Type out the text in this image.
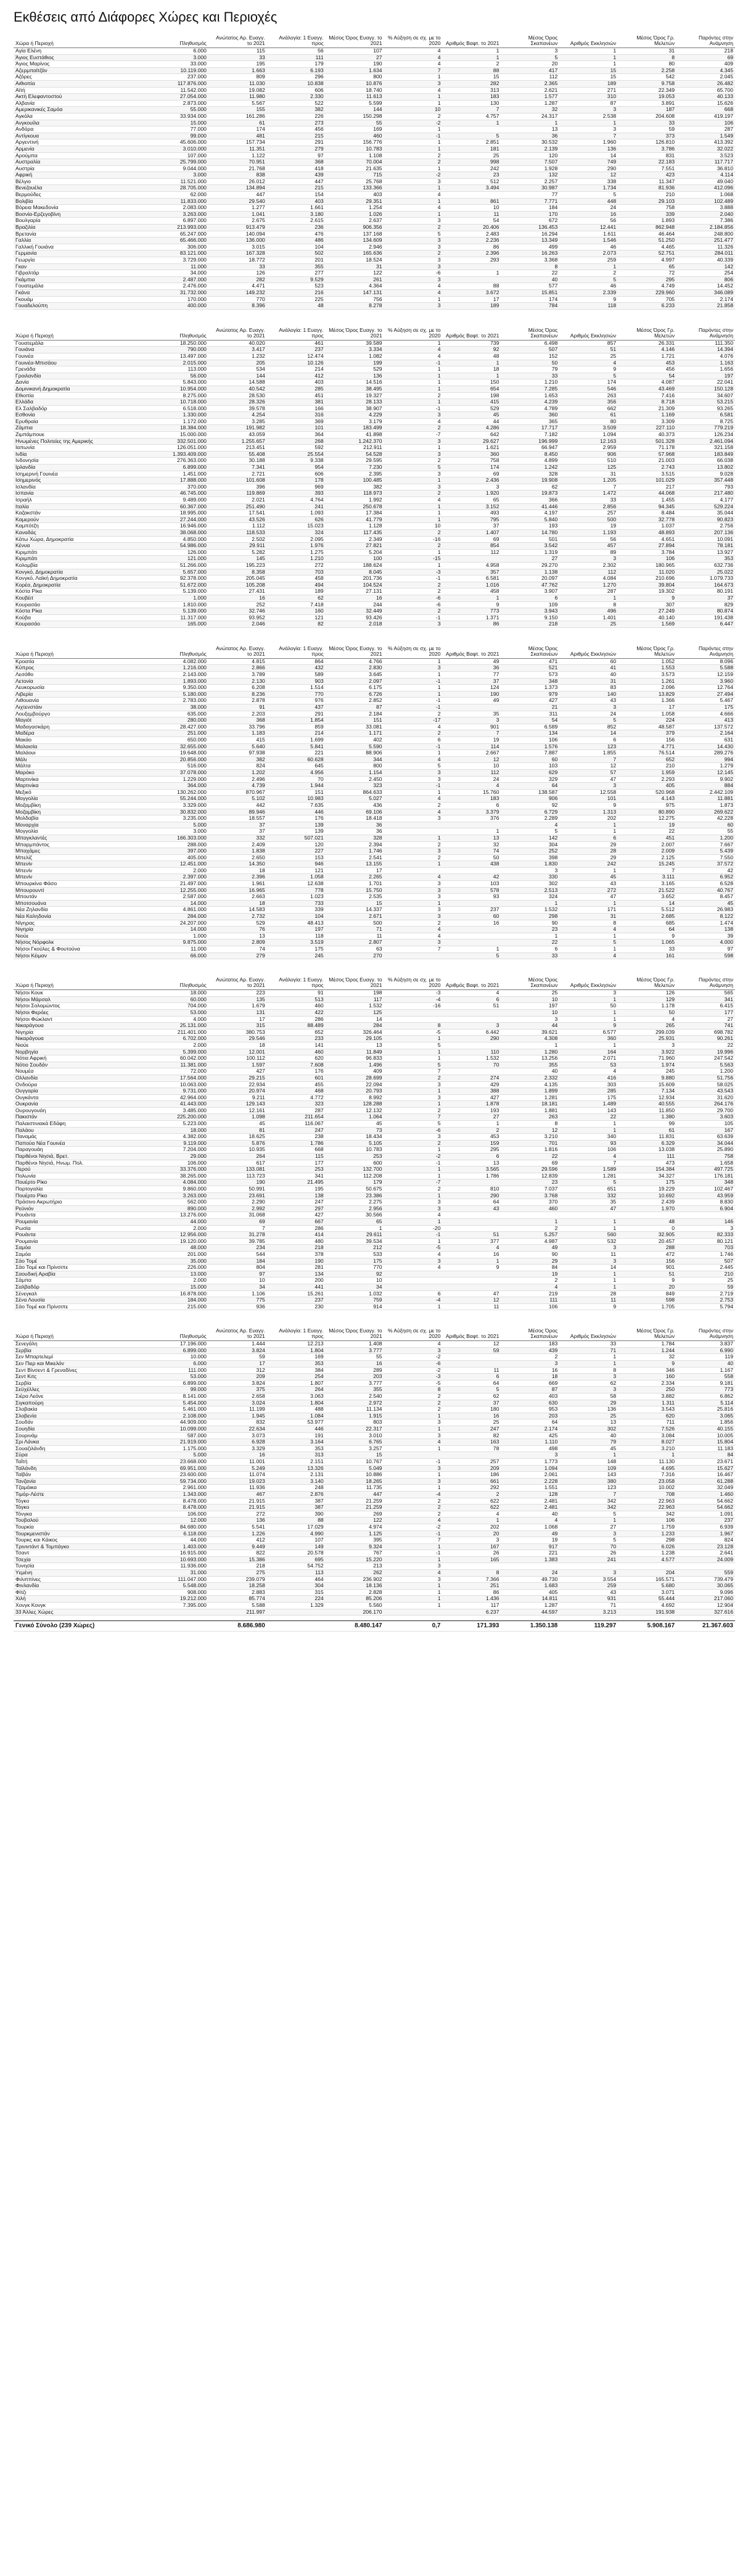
Εκθέσεις από Διάφορες Χώρες και Περιοχές
Χώρα ή Περιοχή	Πληθυσμός	Ανώτατος Αρ. Ευαγγ. το 2021	Ανάλογία: 1 Ευαγγ. προς	Μέσος Όρος Ευαγγ. το 2021	% Αύξηση σε σχ. με το 2020	Αριθμός Βαφτ. το 2021	Μέσος Όρος Σκαπανέων	Αριθμός Εκκλησιών	Μέσος Όρος Γρ. Μελετών	Παρόντες στην Ανάμνηση
Αγία Ελένη	6.000	115	56	107	4	1	3	1	31	218
Άγιος Ευστάθιος	3.000	33	111	27	4	1	5	1	8	69
Άγιος Μαρίνος	33.000	195	179	190	4	2	20	1	80	409
Αζερμπαϊτζάν	10.119.000	1.663	6.193	1.634	7	88	417	15	2.258	4.345
Αζόρες	237.000	809	296	800	1	15	112	15	542	2.045
Αιθιοπία	117.876.000	11.030	10.838	10.876	3	282	2.365	189	9.758	26.482
Αϊτή	11.542.000	19.082	606	18.740	4	313	2.621	271	22.349	65.700
Ακτή Ελεφαντοστού	27.054.000	11.980	2.330	11.613	1	183	1.577	310	19.053	40.133
Αλβανία	2.873.000	5.567	522	5.599	1	130	1.287	87	3.891	15.626
Αμερικανικές Σαμόα	55.000	155	382	144	10	7	32	3	187	668
Αγκόλα	33.934.000	161.286	226	150.298	2	4.757	24.317	2.538	204.608	419.197
Ανγκουίλα	15.000	61	273	55	-2	1	1	1	33	106
Ανδόρα	77.000	174	456	169	1		13	3	59	287
Αντίγκουα	99.000	481	215	460	-1	5	36	7	373	1.549
Αργεντινή	45.606.000	157.734	291	156.776	1	2.851	30.532	1.960	126.810	413.392
Αρμενία	3.010.000	11.351	279	10.783	1	181	2.139	136	3.786	32.022
Αρούμπα	107.000	1.122	97	1.108	2	25	120	14	831	3.523
Αυστραλία	25.799.000	70.951	368	70.004	2	998	7.507	749	22.183	117.717
Αυστρία	9.044.000	21.768	418	21.635	1	242	1.928	290	7.551	36.810
Αφρική	3.000	838	439	715	-2	23	132	12	423	4.114
Βέλγιο	11.521.000	26.012	447	25.768	3	512	2.257	338	11.347	49.040
Βενεζουέλα	28.705.000	134.894	215	133.366	1	3.494	30.987	1.734	81.936	412.096
Βερμούδες	62.000	447	154	403	4		77	5	210	1.068
Βολιβία	11.833.000	29.540	403	29.351	1	861	7.771	448	29.103	102.489
Βόρεια Μακεδονία	2.083.000	1.277	1.661	1.254	4	10	184	24	758	3.888
Βοσνία-Ερζεγοβίνη	3.263.000	1.041	3.180	1.026	1	11	170	16	339	2.040
Βουλγαρία	6.897.000	2.675	2.615	2.637	3	54	672	56	1.893	7.386
Βραζιλία	213.993.000	913.479	236	906.356	2	20.406	136.453	12.441	862.948	2.184.856
Βρετανία	65.247.000	140.094	476	137.168	5	2.483	16.294	1.611	46.464	248.800
Γαλλία	65.466.000	136.000	486	134.609	3	2.236	13.349	1.546	51.250	251.477
Γαλλική Γουιάνα	306.000	3.015	104	2.946	3	86	499	46	4.465	11.326
Γερμανία	83.121.000	167.328	502	165.636	2	2.396	16.263	2.073	52.751	284.011
Γεωργία	3.729.000	18.772	201	18.524	3	293	3.368	259	4.997	40.339
Γκαν	11.000	33	355	31	3		8	1	65	142
Γιβραλτάρ	34.000	126	277	122	-6	1	22	2	72	254
Γκάμπια	2.487.000	282	9.529	261	3		40	5	295	806
Γουατεμάλα	2.476.000	4.471	523	4.364	4	88	577	46	4.749	14.452
Γκάνα	31.732.000	149.232	216	147.131	4	3.672	15.851	2.339	229.960	346.089
Γκουάμ	170.000	770	225	756	1	17	174	9	705	2.174
Γουαδελούπη	400.000	8.396	48	8.278	3	189	784	118	6.233	21.858
Χώρα ή Περιοχή	Πληθυσμός	Ανώτατος Αρ. Ευαγγ. το 2021	Ανάλογία: 1 Ευαγγ. προς	Μέσος Όρος Ευαγγ. το 2021	% Αύξηση σε σχ. με το 2020	Αριθμός Βαφτ. το 2021	Μέσος Όρος Σκαπανέων	Αριθμός Εκκλησιών	Μέσος Όρος Γρ. Μελετών	Παρόντες στην Ανάμνηση
Γουατεμάλα	18.250.000	40.020	461	39.589	1	739	6.498	857	26.331	111.350
Γουιάνα	790.000	3.417	237	3.334	4	92	507	51	4.146	14.394
Γουινέα	13.497.000	1.232	12.474	1.082	4	48	152	25	1.721	4.076
Γουινέα-Μπισάου	2.015.000	205	10.126	199	-1	1	50	4	453	1.163
Γρενάδα	113.000	534	214	529	1	18	79	9	456	1.656
Γροιλανδία	56.000	144	412	136	1	1	33	5	54	197
Δανία	5.843.000	14.588	403	14.516	1	150	1.210	174	4.087	22.041
Δομινικανή Δημοκρατία	10.954.000	40.542	285	38.495	1	654	7.285	546	43.469	150.128
Εθιοπία	8.275.000	28.530	451	19.327	2	198	1.653	263	7.416	34.607
Ελλάδα	10.718.000	28.326	381	28.133	1	415	4.239	356	8.718	53.215
Ελ Σαλβαδόρ	6.518.000	39.578	166	38.907	-1	529	4.789	662	21.309	93.265
Εσθονία	1.330.000	4.254	316	4.229	3	45	360	61	1.169	6.581
Ερυθραία	1.172.000	3.285	369	3.179	4	44	365	80	3.309	8.725
Ζάμπια	18.384.000	191.982	101	183.499	2	4.286	17.717	3.509	227.110	779.219
Ζιμπάμπουε	15.000.000	43.059	364	41.898	-7	642	7.182	1.094	40.373	126.234
Ηνωμένες Πολιτείες της Αμερικής	332.501.000	1.255.657	268	1.242.370	3	29.627	196.999	12.163	501.328	2.461.094
Ιαπωνία	126.051.000	213.451	592	212.911	1	1.621	66.947	2.959	71.178	321.158
Ινδία	1.393.409.000	55.408	25.554	54.528	3	360	8.450	906	57.968	183.849
Ινδονησία	276.363.000	30.188	9.338	29.595	2	758	4.899	510	21.003	66.038
Ιρλανδία	6.899.000	7.341	954	7.230	5	174	1.242	125	2.743	13.802
Ισημερινή Γουινέα	1.451.000	2.721	606	2.395	3	69	328	31	3.515	9.028
Ισημερινός	17.888.000	101.608	178	100.485	1	2.436	19.908	1.205	101.029	357.448
Ισλανδία	370.000	396	969	382	3	3	62	7	217	793
Ισπανία	46.745.000	119.869	393	118.973	2	1.920	19.873	1.472	44.068	217.480
Ισραήλ	9.489.000	2.021	4.764	1.992	4	65	366	33	1.455	4.177
Ιταλία	60.367.000	251.490	241	250.678	1	3.152	41.446	2.856	94.345	529.224
Καζακστάν	18.995.000	17.541	1.093	17.384	1	493	4.197	257	8.484	35.044
Καμερούν	27.244.000	43.526	626	41.779	1	795	5.840	500	32.778	90.823
Καμπότζη	16.946.000	1.112	15.023	1.128	10	37	193	19	1.037	2.756
Καναδάς	38.068.000	118.533	324	117.435	2	1.407	14.780	1.193	48.893	207.136
Κάτω Χώρα, Δημοκρατία	4.850.000	2.502	2.095	2.349	-16	69	501	56	4.651	10.091
Κένυα	54.986.000	29.911	1.976	27.821	2	854	3.542	457	27.894	78.181
Κιριμπάτι	126.000	5.282	1.275	5.204	1	112	1.319	89	3.784	13.927
Κιριμπάτι	121.000	145	1.210	100	-15		27	3	106	353
Κολομβία	51.266.000	195.223	272	188.624	1	4.958	29.270	2.302	180.965	632.736
Κονγκό, Δημοκρατία	5.657.000	8.358	703	8.045	-3	357	1.138	112	11.020	25.022
Κονγκό, Λαϊκή Δημοκρατία	92.378.000	205.045	458	201.736	-1	6.581	20.097	4.084	210.696	1.079.733
Κορέα, Δημοκρατία	51.672.000	105.208	494	104.524	2	1.016	47.762	1.270	39.804	164.673
Κόστα Ρίκα	5.139.000	27.431	189	27.131	2	458	3.907	287	19.302	80.191
Κουβέιτ	1.000	16	62	16	-6	1	6	1	9	37
Κουρασάο	1.810.000	252	7.418	244	-6	9	109	8	307	829
Κόστα Ρίκα	5.139.000	32.746	160	32.449	2	773	3.943	496	27.249	80.874
Κούβα	11.317.000	93.952	121	93.426	-1	1.371	9.150	1.401	40.140	191.438
Κουρασάο	165.000	2.046	82	2.018	3	86	218	25	1.569	6.447
Χώρα ή Περιοχή	Πληθυσμός	Ανώτατος Αρ. Ευαγγ. το 2021	Ανάλογία: 1 Ευαγγ. προς	Μέσος Όρος Ευαγγ. το 2021	% Αύξηση σε σχ. με το 2020	Αριθμός Βαφτ. το 2021	Μέσος Όρος Σκαπανέων	Αριθμός Εκκλησιών	Μέσος Όρος Γρ. Μελετών	Παρόντες στην Ανάμνηση
Κροατία	4.082.000	4.815	864	4.766	1	49	471	60	1.052	8.096
Κύπρος	1.216.000	2.866	432	2.830	3	36	521	41	1.553	5.588
Λεσόθο	2.143.000	3.789	589	3.645	1	77	573	40	3.573	12.159
Λετονία	1.893.000	2.130	903	2.097	-1	37	348	31	1.261	3.960
Λευκορωσία	9.350.000	6.208	1.514	6.175	1	124	1.373	83	2.096	12.764
Λιβερία	5.180.000	8.236	770	6.726	1	190	979	140	13.829	27.494
Λιθουανία	2.783.000	2.878	976	2.852	-1	49	427	43	1.366	5.467
Λιχτενστάιν	38.000	91	437	87	-1		21	3	17	175
Λουξεμβούργο	635.000	2.203	291	2.184	2	35	311	24	1.058	4.666
Μαγιότ	280.000	368	1.854	151	-17	3	54	5	224	413
Μαδαγασκάρη	28.427.000	33.796	859	33.081	4	901	6.589	852	48.587	137.572
Μαδέρα	251.000	1.183	214	1.171	2	7	134	14	379	2.164
Μακάο	650.000	415	1.699	402	6	19	106	6	156	631
Μαλαισία	32.655.000	5.640	5.841	5.590	-1	114	1.576	123	4.771	14.430
Μαλάουι	19.648.000	97.938	221	88.906	1	2.667	7.887	1.855	76.514	289.276
Μάλι	20.856.000	382	60.628	344	4	12	60	7	652	994
Μάλτα	516.000	824	645	800	5	10	103	12	210	1.279
Μαρόκο	37.078.000	1.202	4.956	1.154	3	112	629	57	1.959	12.145
Μαρτινίκα	1.229.000	2.496	70	2.450	3	24	329	47	2.293	9.902
Μαρτινίκα	364.000	4.739	1.944	323	-1	4	64	3	405	884
Μεξικό	130.262.000	870.967	151	864.633	1	15.760	138.587	12.558	520.968	2.442.109
Μογγολία	55.244.000	5.102	10.983	5.027	4	183	906	101	4.143	11.881
Μοζαμβίκη	3.329.000	442	7.635	436	2	6	92	9	975	1.873
Μοζαμβίκη	30.832.000	89.946	446	69.106	4	3.379	6.729	1.313	80.890	269.622
Μολδαβία	3.235.000	18.557	176	18.418	3	376	2.289	202	12.275	42.228
Μοναρχία	5.000	37	139	36			4	1	19	60
Μογγολία	3.000	37	139	36		1	5	1	22	55
Μπαγκλαντές	166.303.000	332	507.021	328	1	13	142	6	451	1.200
Μπαρμπάντος	288.000	2.409	120	2.394	2	32	304	29	2.007	7.667
Μπαχάμες	397.000	1.838	227	1.746	3	74	252	28	2.009	5.439
Μπελίζ	405.000	2.650	153	2.541	2	50	398	29	2.125	7.550
Μπενίν	12.451.000	14.350	946	13.155	1	438	1.830	242	15.245	37.572
Μπενίν	2.000	18	121	17			3	1	7	42
Μπενίν	2.397.000	2.396	1.058	2.265	4	42	330	45	3.111	6.952
Μπουρκίνα Φάσο	21.497.000	1.961	12.638	1.701	3	103	302	43	3.165	6.528
Μπουρουντί	12.255.000	16.965	778	15.750	3	578	2.513	272	21.522	40.767
Μπουτάν	2.587.000	2.663	1.023	2.535	3	93	324	47	3.652	8.457
Μποτσουάνα	14.000	18	733	15	1		1	1	14	45
Νέα Ζηλανδία	4.861.000	14.583	339	14.337	3	237	1.532	171	5.512	26.983
Νέα Καληδονία	284.000	2.732	104	2.671	3	60	298	31	2.685	8.122
Νίγηρας	24.207.000	529	48.413	500	2	16	90	8	685	1.474
Νιγηρία	14.000	76	197	71	4		23	4	64	138
Νιούε	1.000	13	118	11	4		1	1	9	39
Νήσος Νόρφολκ	9.875.000	2.809	3.519	2.807	3		22	5	1.065	4.000
Νήσοι Γκούλες & Φουτούνα	11.000	74	175	63	7	1	6	1	33	97
Νήσοι Κέιμαν	66.000	279	245	270		5	33	4	161	598
Χώρα ή Περιοχή	Πληθυσμός	Ανώτατος Αρ. Ευαγγ. το 2021	Ανάλογία: 1 Ευαγγ. προς	Μέσος Όρος Ευαγγ. το 2021	% Αύξηση σε σχ. με το 2020	Αριθμός Βαφτ. το 2021	Μέσος Όρος Σκαπανέων	Αριθμός Εκκλησιών	Μέσος Όρος Γρ. Μελετών	Παρόντες στην Ανάμνηση
Νήσοι Κουκ	18.000	223	91	198	-3	4	25	3	126	565
Νήσοι Μάρσαλ	60.000	135	513	117	-4	6	10	1	129	341
Νήσοι Σολομώντος	704.000	1.679	460	1.532	-16	51	197	50	1.178	6.415
Νήσοι Φερόες	53.000	131	422	125			10	1	50	177
Νήσοι Φώκλαντ	4.000	17	286	14			3	1	4	27
Νικαράγουα	25.131.000	315	88.489	284	8	3	44	9	265	741
Νιγηρία	211.401.000	380.753	652	326.464	-5	6.442	39.621	6.577	299.039	698.782
Νικαράγουα	6.702.000	29.546	233	29.105	1	290	4.308	360	25.931	90.261
Νιούε	2.000	18	141	13	5		1	1	3	22
Νορβηγία	5.399.000	12.001	460	11.849	1	110	1.280	164	3.922	19.996
Νότια Αφρική	60.042.000	100.112	620	96.833	1	1.532	13.256	2.071	71.960	247.542
Νότιο Σουδάν	11.381.000	1.597	7.608	1.496	5	70	355	53	1.974	5.563
Νουμέα	72.000	427	176	409	7		40	4	245	1.200
Ολλανδία	17.564.000	29.215	601	28.699	2	274	2.332	416	9.880	51.756
Ονδούρα	10.063.000	22.934	455	22.094	3	429	4.135	303	15.609	58.025
Ουγγαρία	9.731.000	20.974	468	20.793	1	388	1.899	285	7.134	43.543
Ουγκάντα	42.964.000	9.211	4.772	8.992	3	427	1.281	175	12.934	31.620
Ουκρανία	41.443.000	129.143	323	128.288	1	1.878	18.181	1.489	40.555	264.176
Ουρουγουάη	3.485.000	12.161	287	12.132	2	193	1.881	143	11.850	29.700
Πακιστάν	225.200.000	1.098	211.654	1.064	7	27	263	22	1.380	3.603
Παλαιστινιακά Εδάφη	5.223.000	45	116.067	45	5	1	8	1	99	105
Παλάου	18.000	81	247	73	-6	2	12	1	61	167
Παναμάς	4.382.000	18.625	238	18.434	3	453	3.210	340	11.831	63.639
Παπούα Νέα Γουινέα	9.119.000	5.876	1.786	5.105	2	159	701	93	6.329	34.044
Παραγουάη	7.204.000	10.935	668	10.783	1	295	1.816	106	13.038	25.890
Παρθένοι Νησιά, Βρετ.	29.000	264	115	253	-2	6	22	4	111	758
Παρθένοι Νησιά, Ηνωμ. Πολ.	106.000	617	177	600	-1	13	69	7	473	1.658
Περού	33.376.000	133.081	253	132.700	1	3.565	29.596	1.589	154.384	497.725
Πολωνία	38.265.000	113.723	341	112.208	1	1.786	12.839	1.281	34.327	176.181
Πουέρτο Ρίκο	4.084.000	190	21.495	179	-7		23	5	175	348
Πορτογαλία	9.860.000	50.991	195	50.675	2	810	7.037	651	19.229	102.467
Πουέρτο Ρίκο	3.263.000	23.691	138	23.386	1	290	3.768	332	10.692	43.959
Πράσινο Ακρωτήριο	562.000	2.290	247	2.275	3	64	370	35	2.439	8.830
Ρεϋνιόν	890.000	2.992	297	2.956	3	43	460	47	1.970	6.904
Ρουάντα	13.276.000	31.068	427	30.566	4					
Ρουμανία	44.000	69	667	65	1		1	1	48	146
Ρωσία	2.000	7	286	1	-20		2	1	0	3
Ρουάντα	12.956.000	31.278	414	29.611	-1	51	5.257	560	32.905	82.333
Ρουμανία	19.120.000	39.785	480	39.534	1	377	4.987	532	20.457	80.121
Σαμόα	48.000	234	218	212	-5	4	49	3	288	703
Σαμόα	201.000	544	378	533	4	16	90	11	472	1.746
Σάο Τομέ	35.000	184	190	175	3	1	29	3	156	507
Σάο Τομέ και Πρίνσιπε	226.000	804	281	770	4	9	84	14	901	2.445
Σαουδική Αραβία	13.000	97	134	92			19	1	51	210
Σάμπα	2.000	10	200	10			2	1	9	25
Σαλβαδόρ	15.000	34	441	34			4	1	20	59
Σένεγκαλ	16.878.000	1.106	15.261	1.032	6	47	219	28	849	2.719
Σένα Λουσία	184.000	775	237	759	-4	12	111	11	598	2.753
Σάο Τομέ και Πρίνσιπε	215.000	936	230	914	1	11	106	9	1.705	5.794
Χώρα ή Περιοχή	Πληθυσμός	Ανώτατος Αρ. Ευαγγ. το 2021	Ανάλογία: 1 Ευαγγ. προς	Μέσος Όρος Ευαγγ. το 2021	% Αύξηση σε σχ. με το 2020	Αριθμός Βαφτ. το 2021	Μέσος Όρος Σκαπανέων	Αριθμός Εκκλησιών	Μέσος Όρος Γρ. Μελετών	Παρόντες στην Ανάμνηση
Σενεγάλη	17.196.000	1.444	12.213	1.408	4	12	183	33	1.784	3.837
Σερβία	6.899.000	3.824	1.804	3.777	3	59	439	71	1.244	6.990
Σεν Μπαρτελεμί	10.000	59	169	55	-2		2	1	32	119
Σεν Πιερ και Μικελόν	6.000	17	353	16	-6		3	1	9	40
Σεντ Βίνσεντ & Γρεναδίνες	111.000	312	384	289	-2	11	16	8	346	1.167
Σεντ Κιτς	53.000	209	254	203	-3	6	18	3	160	558
Σερβία	6.899.000	3.824	1.807	3.777	-5	64	669	62	2.334	9.181
Σεϋχέλλες	99.000	375	264	355	8	5	87	3	250	773
Σιέρα Λεόνε	8.141.000	2.658	3.063	2.540	2	62	403	58	3.882	6.862
Σιγκαπούρη	5.454.000	3.024	1.804	2.972	2	37	630	29	1.311	5.114
Σλοβακία	5.461.000	11.199	488	11.134	2	180	953	136	3.543	25.816
Σλοβενία	2.108.000	1.945	1.084	1.915	1	16	203	25	620	3.065
Σουδάν	44.909.000	832	53.977	803	3	25	64	13	711	1.856
Σουηδία	10.099.000	22.634	446	22.317	1	247	2.174	302	7.526	40.155
Σουρινάμ	587.000	3.073	191	3.010	3	82	425	40	3.084	10.005
Σρι Λάνκα	21.919.000	6.928	3.164	6.765	4	163	1.110	79	8.027	15.804
Σουαζιλάνδη	1.175.000	3.329	353	3.257	1	78	498	45	3.210	11.183
Σύρα	5.000	16	313	15			3	1	1	84
Ταΐτή	23.668.000	11.001	2.151	10.767	-1	257	1.773	148	11.130	23.671
Ταϊλάνδη	69.951.000	5.249	13.326	5.049	3	209	1.094	109	4.695	15.627
Ταϊβάν	23.600.000	11.074	2.131	10.886	1	186	2.061	143	7.316	16.467
Τανζανία	59.734.000	19.023	3.140	18.265	3	661	2.228	380	23.058	61.288
Τζαμάικα	2.961.000	11.936	248	11.735	1	292	1.551	123	10.002	32.049
Τιμόρ-Λέστε	1.343.000	467	2.876	447	-4	2	128	7	708	1.460
Τόγκο	8.478.000	21.915	387	21.259	2	622	2.481	342	22.963	54.662
Τόγκο	8.478.000	21.915	387	21.259	2	622	2.481	342	22.963	54.662
Τόνγκα	106.000	272	390	269	2	4	40	5	342	1.091
Τουβαλού	12.000	136	88	122	4	1	4	1	106	237
Τουρκία	84.680.000	5.541	17.029	4.974	-2	202	1.068	27	1.759	6.939
Τουρκμενιστάν	6.118.000	1.226	4.990	1.125	-1	20	49	3	1.233	1.967
Τουρκς και Κάικος	44.000	412	107	395	7	3	19	5	298	824
Τρινιντάντ & Τομπάγκο	1.403.000	9.449	149	9.324	1	167	917	70	6.026	23.128
Τσαντ	16.915.000	822	20.578	767	-1	26	221	26	1.238	2.641
Τσεχία	10.693.000	15.386	695	15.220	1	165	1.383	241	4.577	24.009
Τυνησία	11.936.000	218	54.752	213	3					
Υεμένη	31.000	275	113	262	4	8	24	3	204	559
Φιλιππίνες	111.047.000	239.079	464	236.902	3	7.366	49.730	3.554	165.571	739.479
Φινλανδία	5.548.000	18.258	304	18.136	1	251	1.683	259	5.680	30.065
Φίτζι	908.000	2.883	315	2.828	1	86	405	43	3.071	9.096
Χιλή	19.212.000	85.774	224	85.206	1	1.436	14.811	931	55.444	217.060
Χονγκ Κονγκ	7.395.000	5.588	1.329	5.560	1	117	1.287	71	4.692	12.904
33 Άλλες Χώρες		211.997		206.170		6.237	44.597	3.213	191.938	327.616
Γενικό Σύνολο (239 Χώρες)		8.686.980		8.480.147	0,7	171.393	1.350.138	119.297	5.908.167	21.367.603
